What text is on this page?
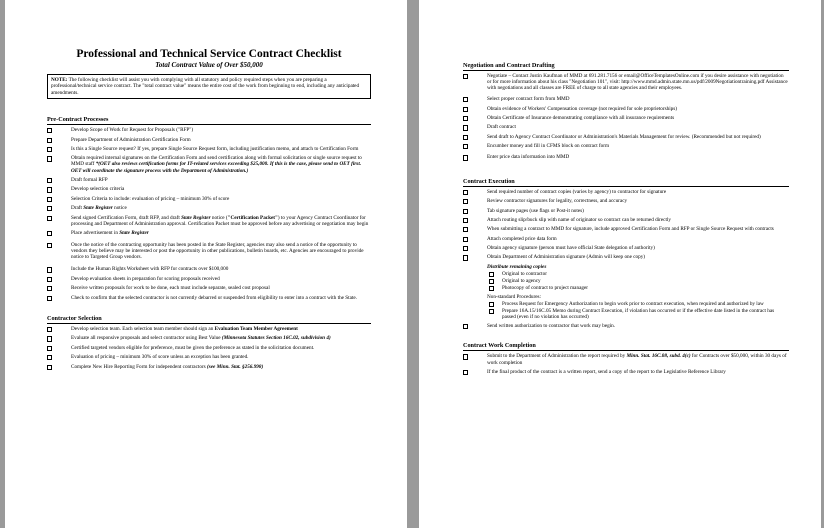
Professional and Technical Service Contract Checklist
Total Contract Value of Over $50,000
NOTE: The following checklist will assist you with complying with all statutory and policy required steps when you are preparing a professional/technical service contract. The "total contract value" means the entire cost of the work from beginning to end, including any anticipated amendments.
Pre-Contract Processes
Develop Scope of Work for Request for Proposals ("RFP")
Prepare Department of Administration Certification Form
Is this a Single Source request? If yes, prepare Single Source Request form, including justification memo, and attach to Certification Form
Obtain required internal signatures on the Certification Form and send certification along with formal solicitation or single source request to MMD staff *(OET also reviews certification forms for IT-related services exceeding $25,000. If this is the case, please send to OET first. OET will coordinate the signature process with the Department of Administration.)
Draft formal RFP
Develop selection criteria
Selection Criteria to include: evaluation of pricing – minimum 30% of score
Draft State Register notice
Send signed Certification Form, draft RFP, and draft State Register notice ("Certification Packet") to your Agency Contract Coordinator for processing and Department of Administration approval. Certification Packet must be approved before any advertising or negotiation may begin
Place advertisement in State Register
Once the notice of the contracting opportunity has been posted in the State Register, agencies may also send a notice of the opportunity to vendors they believe may be interested or post the opportunity in other publications, bulletin boards, etc. Agencies are encouraged to provide notice to Targeted Group vendors.
Include the Human Rights Worksheet with RFP for contracts over $100,000
Develop evaluation sheets in preparation for scoring proposals received
Receive written proposals for work to be done, each must include separate, sealed cost proposal
Check to confirm that the selected contractor is not currently debarred or suspended from eligibility to enter into a contract with the State.
Contractor Selection
Develop selection team. Each selection team member should sign an Evaluation Team Member Agreement
Evaluate all responsive proposals and select contractor using Best Value (Minnesota Statutes Section 16C.02, subdivision 4)
Certified targeted vendors eligible for preference, must be given the preference as stated in the solicitation document.
Evaluation of pricing – minimum 30% of score unless an exception has been granted.
Complete New Hire Reporting Form for independent contractors (see Minn. Stat. §256.998)
Negotiation and Contract Drafting
Negotiate – Contact Justin Kaufman of MMD at 691.281.7156 or email@OfficeTemplatesOnline.com if you desire assistance with negotiation or for more information about his class "Negotiation 101", visit: http://www.mmd.admin.state.mn.us/pdf/2009Negotiationtraining.pdf Assistance with negotiations and all classes are FREE of charge to all state agencies and their employees.
Select proper contract form from MMD
Obtain evidence of Workers' Compensation coverage (not required for sole proprietorships)
Obtain Certificate of Insurance demonstrating compliance with all insurance requirements
Draft contract
Send draft to Agency Contract Coordinator or Administration's Materials Management for review. (Recommended but not required)
Encumber money and fill in CFMS block on contract form
Enter price data information into MMD
Contract Execution
Send required number of contract copies (varies by agency) to contractor for signature
Review contractor signatures for legality, correctness, and accuracy
Tab signature pages (use flags or Post-it notes)
Attach routing slip/buck slip with name of originator so contract can be returned directly
When submitting a contract to MMD for signature, include approved Certification Form and RFP or Single Source Request with contracts
Attach completed price data form
Obtain agency signature (person must have official State delegation of authority)
Obtain Department of Administration signature (Admin will keep one copy)
Distribute remaining copies
Original to contractor
Original to agency
Photocopy of contract to project manager
Non-standard Procedures:
Process Request for Emergency Authorization to begin work prior to contract execution, when required and authorized by law
Prepare 16A.15/16C.05 Memo during Contract Execution, if violation has occurred or if the effective date listed in the contract has passed (even if no violation has occurred)
Send written authorization to contractor that work may begin.
Contract Work Completion
Submit to the Department of Administration the report required by Minn. Stat. 16C.08, subd. 4(c) for Contracts over $50,000, within 30 days of work completion
If the final product of the contract is a written report, send a copy of the report to the Legislative Reference Library
